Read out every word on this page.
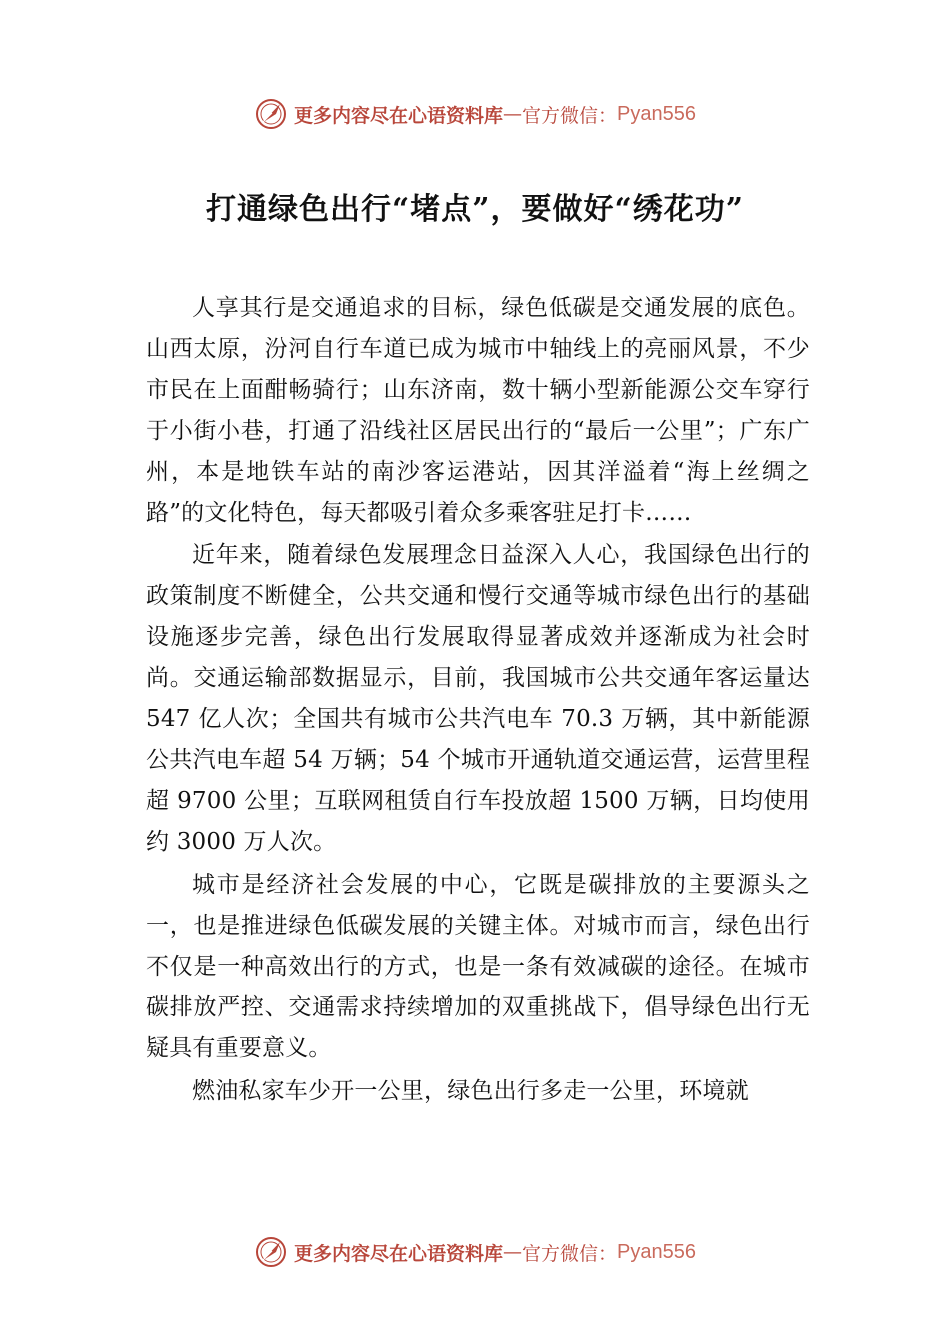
更多内容尽在心语资料库 — 官方微信： Pyan556
打通绿色出行“堵点”，要做好“绣花功”

人享其行是交通追求的目标，绿色低碳是交通发展的底色。山西太原，汾河自行车道已成为城市中轴线上的亮丽风景，不少市民在上面酣畅骑行；山东济南，数十辆小型新能源公交车穿行于小街小巷，打通了沿线社区居民出行的“最后一公里”；广东广州，本是地铁车站的南沙客运港站，因其洋溢着“海上丝绸之路”的文化特色，每天都吸引着众多乘客驻足打卡……

近年来，随着绿色发展理念日益深入人心，我国绿色出行的政策制度不断健全，公共交通和慢行交通等城市绿色出行的基础设施逐步完善，绿色出行发展取得显著成效并逐渐成为社会时尚。交通运输部数据显示，目前，我国城市公共交通年客运量达 547 亿人次；全国共有城市公共汽电车 70.3 万辆，其中新能源公共汽电车超 54 万辆；54 个城市开通轨道交通运营，运营里程超 9700 公里；互联网租赁自行车投放超 1500 万辆，日均使用约 3000 万人次。

城市是经济社会发展的中心，它既是碳排放的主要源头之一，也是推进绿色低碳发展的关键主体。对城市而言，绿色出行不仅是一种高效出行的方式，也是一条有效减碳的途径。在城市碳排放严控、交通需求持续增加的双重挑战下，倡导绿色出行无疑具有重要意义。

燃油私家车少开一公里，绿色出行多走一公里，环境就

更多内容尽在心语资料库 — 官方微信： Pyan556
